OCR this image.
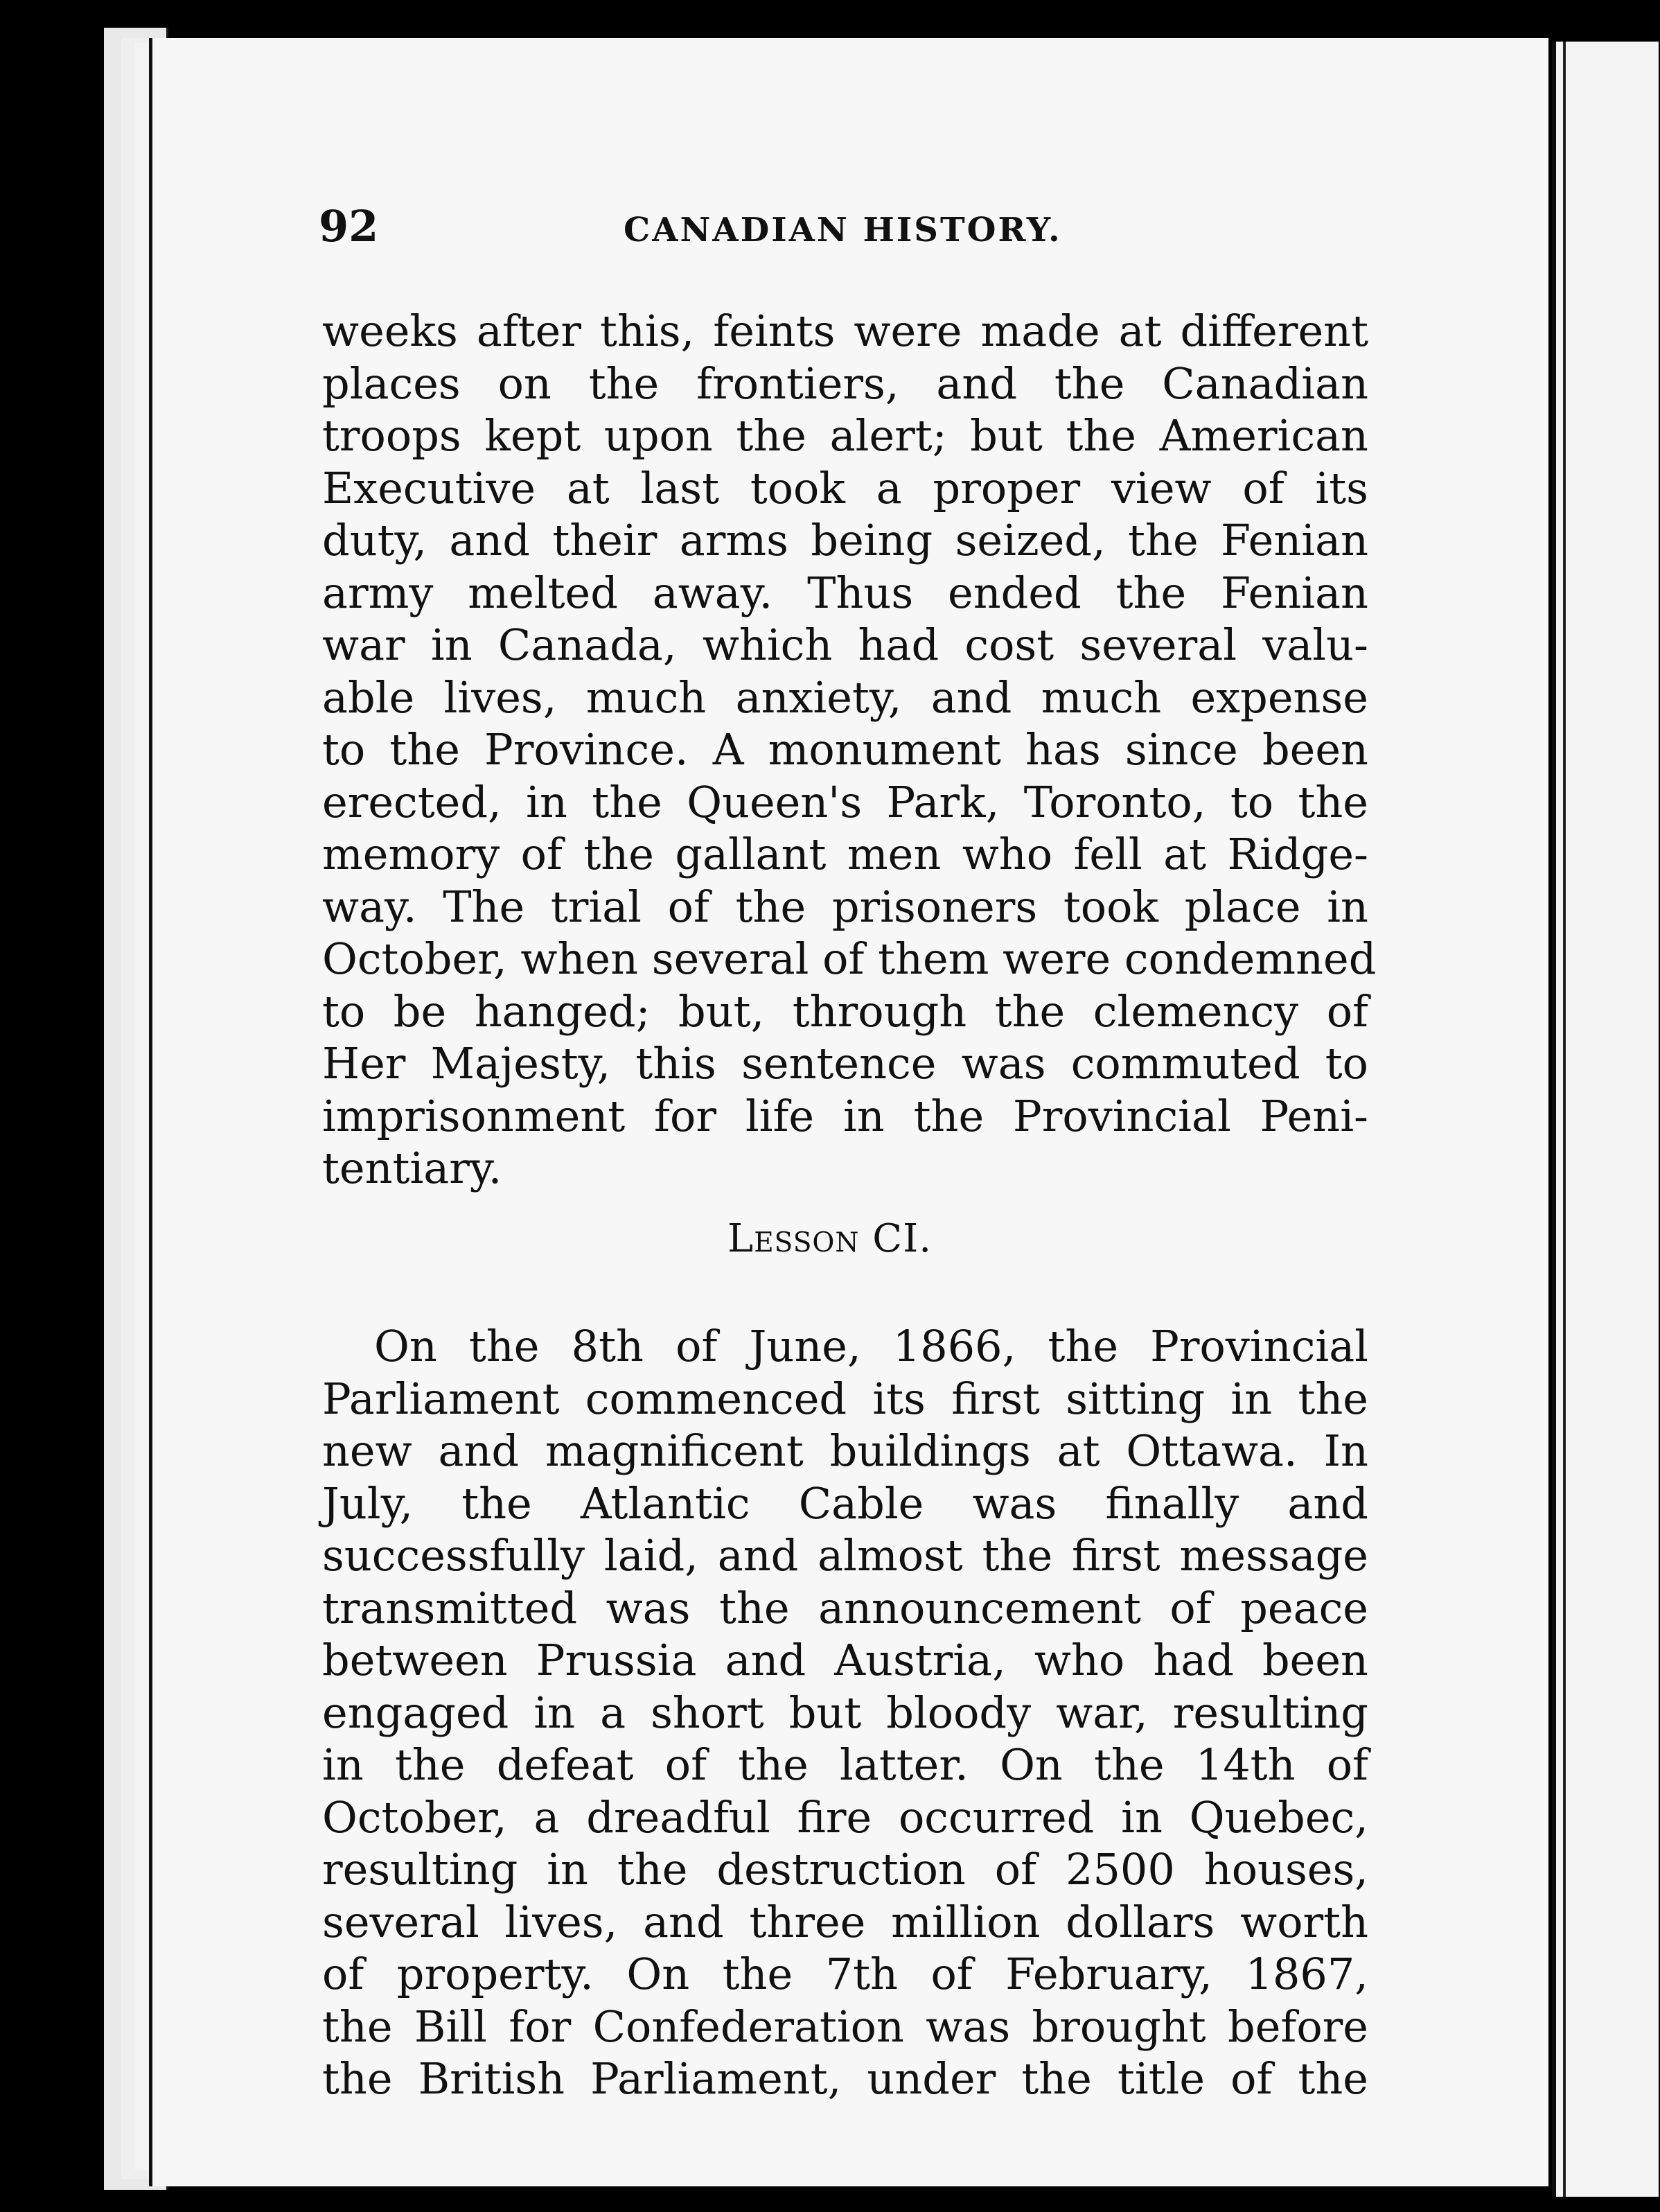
92	CANADIAN HISTORY.
weeks after this, feints were made at different
places on the frontiers, and the Canadian
troops kept upon the alert; but the American
Executive at last took a proper view of its
duty, and their arms being seized, the Fenian
army melted away. Thus ended the Fenian
war in Canada, which had cost several valu-
able lives, much anxiety, and much expense
to the Province. A monument has since been
erected, in the Queen's Park, Toronto, to the
memory of the gallant men who fell at Ridge-
way. The trial of the prisoners took place in
October, when several of them were condemned
to be hanged; but, through the clemency of
Her Majesty, this sentence was commuted to
imprisonment for life in the Provincial Peni-
tentiary.
Lesson CI.
On the 8th of June, 1866, the Provincial
Parliament commenced its first sitting in the
new and magnificent buildings at Ottawa. In
July, the Atlantic Cable was finally and
successfully laid, and almost the first message
transmitted was the announcement of peace
between Prussia and Austria, who had been
engaged in a short but bloody war, resulting
in the defeat of the latter. On the 14th of
October, a dreadful fire occurred in Quebec,
resulting in the destruction of 2500 houses,
several lives, and three million dollars worth
of property. On the 7th of February, 1867,
the Bill for Confederation was brought before
the British Parliament, under the title of the
